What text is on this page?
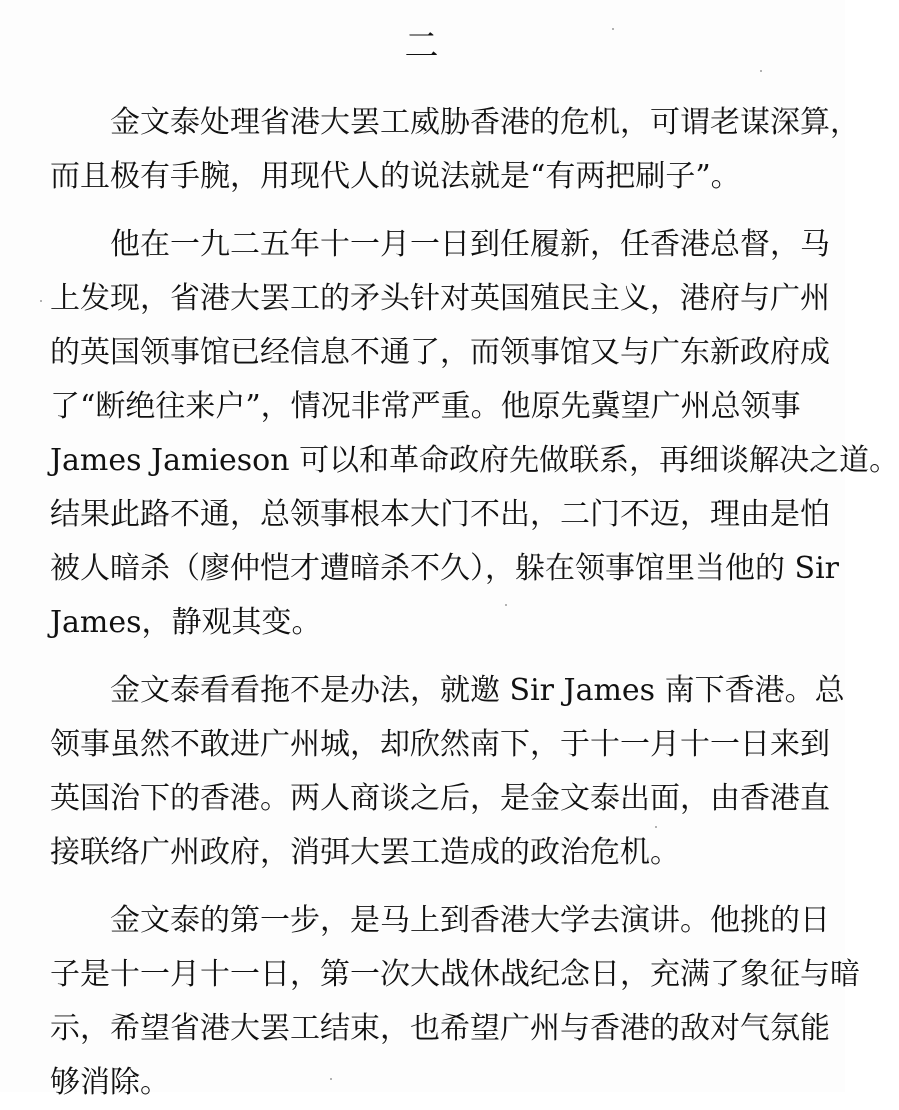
二
金文泰处理省港大罢工威胁香港的危机，可谓老谋深算，
而且极有手腕，用现代人的说法就是“有两把刷子”。
他在一九二五年十一月一日到任履新，任香港总督，马
上发现，省港大罢工的矛头针对英国殖民主义，港府与广州
的英国领事馆已经信息不通了，而领事馆又与广东新政府成
了“断绝往来户”，情况非常严重。他原先冀望广州总领事
James Jamieson 可以和革命政府先做联系，再细谈解决之道。
结果此路不通，总领事根本大门不出，二门不迈，理由是怕
被人暗杀（廖仲恺才遭暗杀不久），躲在领事馆里当他的 Sir
James，静观其变。
金文泰看看拖不是办法，就邀 Sir James 南下香港。总
领事虽然不敢进广州城，却欣然南下，于十一月十一日来到
英国治下的香港。两人商谈之后，是金文泰出面，由香港直
接联络广州政府，消弭大罢工造成的政治危机。
金文泰的第一步，是马上到香港大学去演讲。他挑的日
子是十一月十一日，第一次大战休战纪念日，充满了象征与暗
示，希望省港大罢工结束，也希望广州与香港的敌对气氛能
够消除。
